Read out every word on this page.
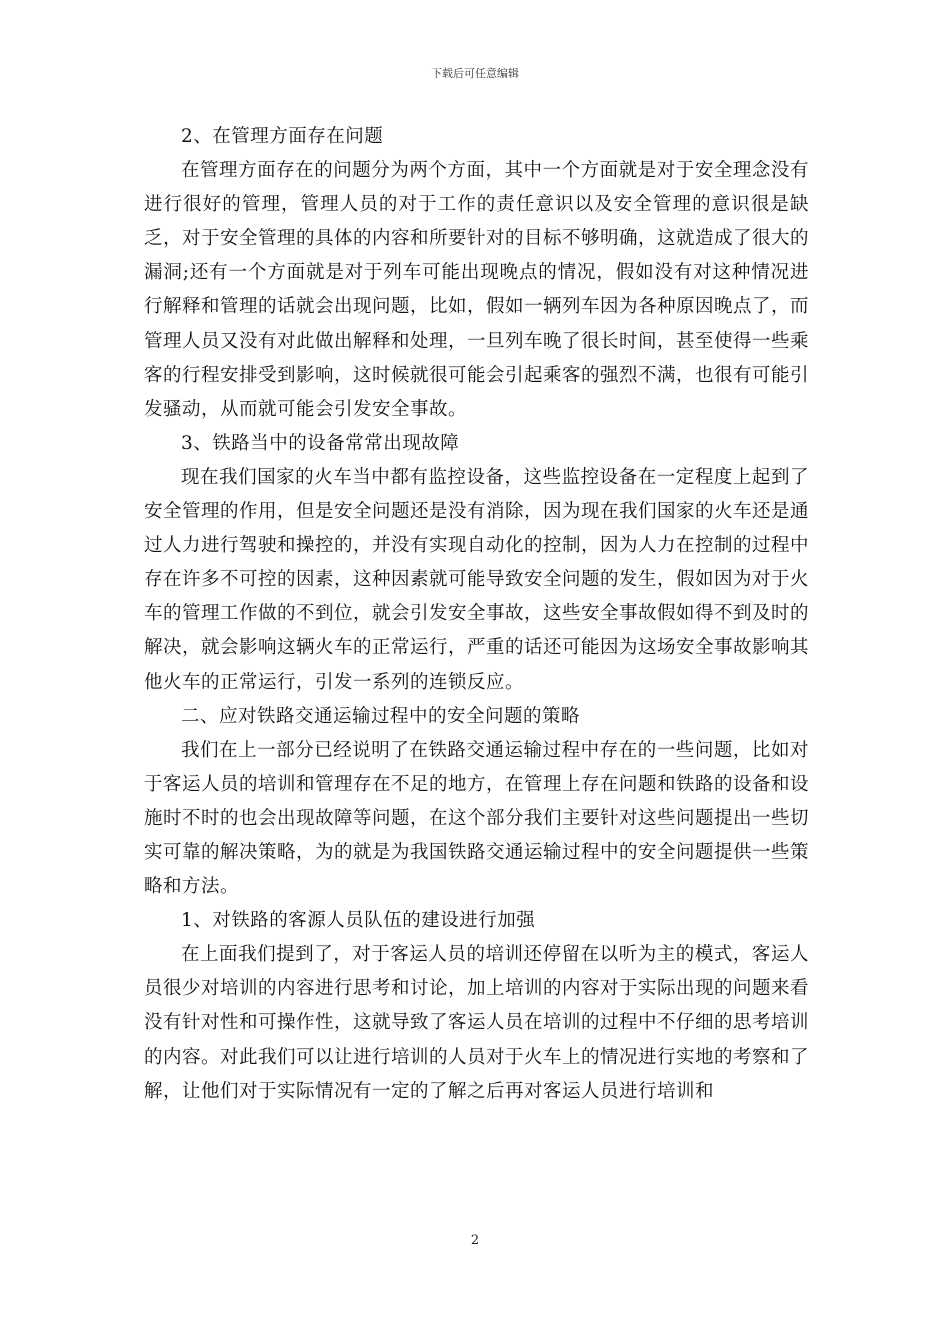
下载后可任意编辑

2、在管理方面存在问题

在管理方面存在的问题分为两个方面，其中一个方面就是对于安全理念没有进行很好的管理，管理人员的对于工作的责任意识以及安全管理的意识很是缺乏，对于安全管理的具体的内容和所要针对的目标不够明确，这就造成了很大的漏洞;还有一个方面就是对于列车可能出现晚点的情况，假如没有对这种情况进行解释和管理的话就会出现问题，比如，假如一辆列车因为各种原因晚点了，而管理人员又没有对此做出解释和处理，一旦列车晚了很长时间，甚至使得一些乘客的行程安排受到影响，这时候就很可能会引起乘客的强烈不满，也很有可能引发骚动，从而就可能会引发安全事故。

3、铁路当中的设备常常出现故障

现在我们国家的火车当中都有监控设备，这些监控设备在一定程度上起到了安全管理的作用，但是安全问题还是没有消除，因为现在我们国家的火车还是通过人力进行驾驶和操控的，并没有实现自动化的控制，因为人力在控制的过程中存在许多不可控的因素，这种因素就可能导致安全问题的发生，假如因为对于火车的管理工作做的不到位，就会引发安全事故，这些安全事故假如得不到及时的解决，就会影响这辆火车的正常运行，严重的话还可能因为这场安全事故影响其他火车的正常运行，引发一系列的连锁反应。

二、应对铁路交通运输过程中的安全问题的策略

我们在上一部分已经说明了在铁路交通运输过程中存在的一些问题，比如对于客运人员的培训和管理存在不足的地方，在管理上存在问题和铁路的设备和设施时不时的也会出现故障等问题，在这个部分我们主要针对这些问题提出一些切实可靠的解决策略，为的就是为我国铁路交通运输过程中的安全问题提供一些策略和方法。

1、对铁路的客源人员队伍的建设进行加强

在上面我们提到了，对于客运人员的培训还停留在以听为主的模式，客运人员很少对培训的内容进行思考和讨论，加上培训的内容对于实际出现的问题来看没有针对性和可操作性，这就导致了客运人员在培训的过程中不仔细的思考培训的内容。对此我们可以让进行培训的人员对于火车上的情况进行实地的考察和了解，让他们对于实际情况有一定的了解之后再对客运人员进行培训和

2
